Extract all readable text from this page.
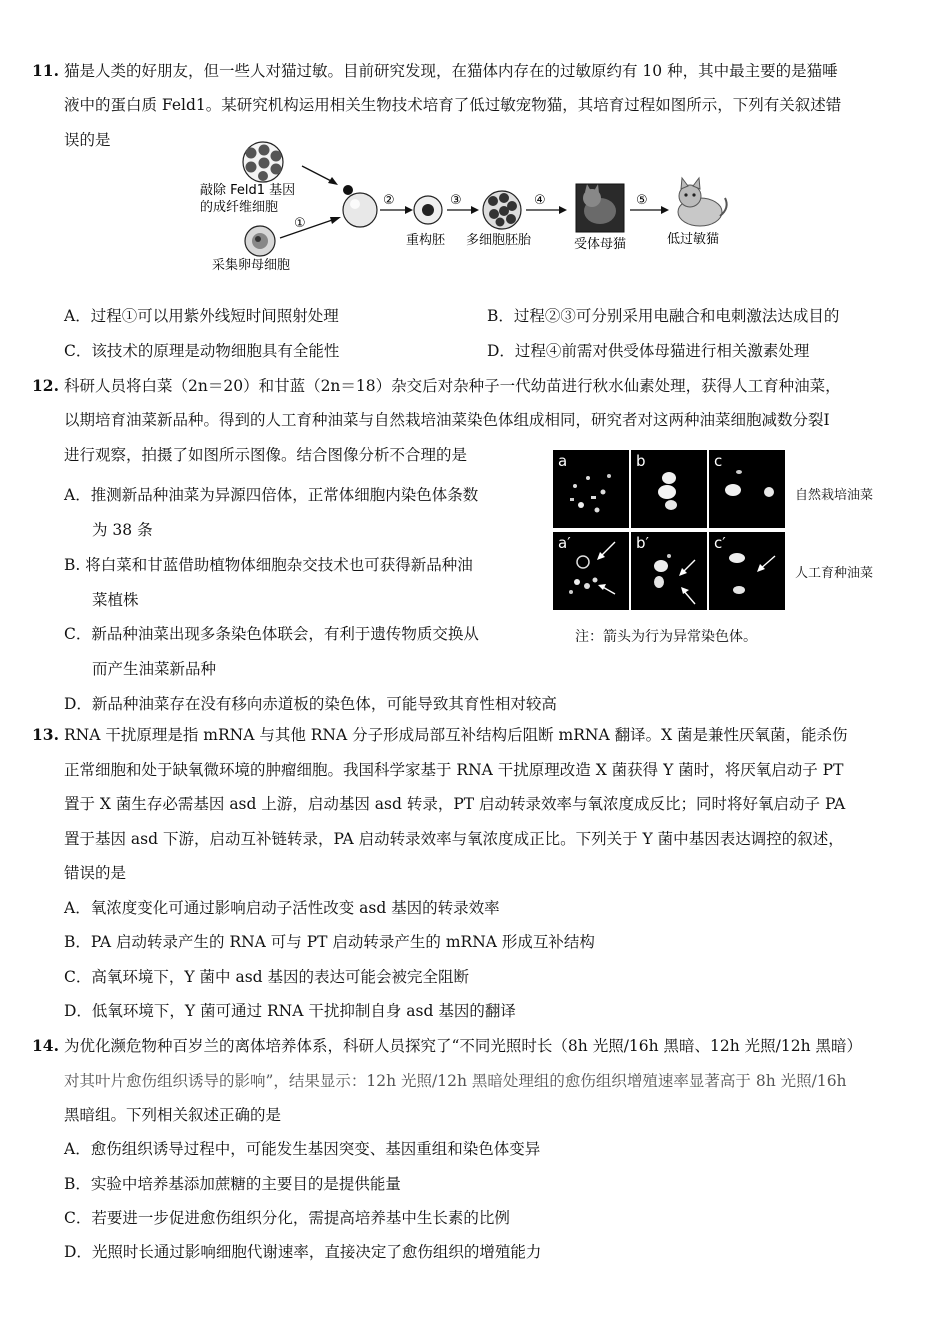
11. 猫是人类的好朋友，但一些人对猫过敏。目前研究发现，在猫体内存在的过敏原约有 10 种，其中最主要的是猫唾
液中的蛋白质 Feld1。某研究机构运用相关生物技术培育了低过敏宠物猫，其培育过程如图所示，下列有关叙述错
误的是
敲除 Feld1 基因
的成纤维细胞
采集卵母细胞
①
②
重构胚
③
多细胞胚胎
④
受体母猫
⑤
低过敏猫
A．过程①可以用紫外线短时间照射处理	B．过程②③可分别采用电融合和电刺激法达成目的
C．该技术的原理是动物细胞具有全能性	D．过程④前需对供受体母猫进行相关激素处理
12. 科研人员将白菜（2n＝20）和甘蓝（2n＝18）杂交后对杂种子一代幼苗进行秋水仙素处理，获得人工育种油菜，
以期培育油菜新品种。得到的人工育种油菜与自然栽培油菜染色体组成相同，研究者对这两种油菜细胞减数分裂I
进行观察，拍摄了如图所示图像。结合图像分析不合理的是	a	b	c
a′	b′	c′
自然栽培油菜
人工育种油菜
注：箭头为行为异常染色体。
A．推测新品种油菜为异源四倍体，正常体细胞内染色体条数
为 38 条
B. 将白菜和甘蓝借助植物体细胞杂交技术也可获得新品种油
菜植株
C．新品种油菜出现多条染色体联会，有利于遗传物质交换从
而产生油菜新品种
D．新品种油菜存在没有移向赤道板的染色体，可能导致其育性相对较高
13. RNA 干扰原理是指 mRNA 与其他 RNA 分子形成局部互补结构后阻断 mRNA 翻译。X 菌是兼性厌氧菌，能杀伤
正常细胞和处于缺氧微环境的肿瘤细胞。我国科学家基于 RNA 干扰原理改造 X 菌获得 Y 菌时，将厌氧启动子 PT
置于 X 菌生存必需基因 asd 上游，启动基因 asd 转录，PT 启动转录效率与氧浓度成反比；同时将好氧启动子 PA
置于基因 asd 下游，启动互补链转录，PA 启动转录效率与氧浓度成正比。下列关于 Y 菌中基因表达调控的叙述，
错误的是
A．氧浓度变化可通过影响启动子活性改变 asd 基因的转录效率
B．PA 启动转录产生的 RNA 可与 PT 启动转录产生的 mRNA 形成互补结构
C．高氧环境下，Y 菌中 asd 基因的表达可能会被完全阻断
D．低氧环境下，Y 菌可通过 RNA 干扰抑制自身 asd 基因的翻译
14. 为优化濒危物种百岁兰的离体培养体系，科研人员探究了“不同光照时长（8h 光照/16h 黑暗、12h 光照/12h 黑暗）
对其叶片愈伤组织诱导的影响”，结果显示：12h 光照/12h 黑暗处理组的愈伤组织增殖速率显著高于 8h 光照/16h
黑暗组。下列相关叙述正确的是
A．愈伤组织诱导过程中，可能发生基因突变、基因重组和染色体变异
B．实验中培养基添加蔗糖的主要目的是提供能量
C．若要进一步促进愈伤组织分化，需提高培养基中生长素的比例
D．光照时长通过影响细胞代谢速率，直接决定了愈伤组织的增殖能力
